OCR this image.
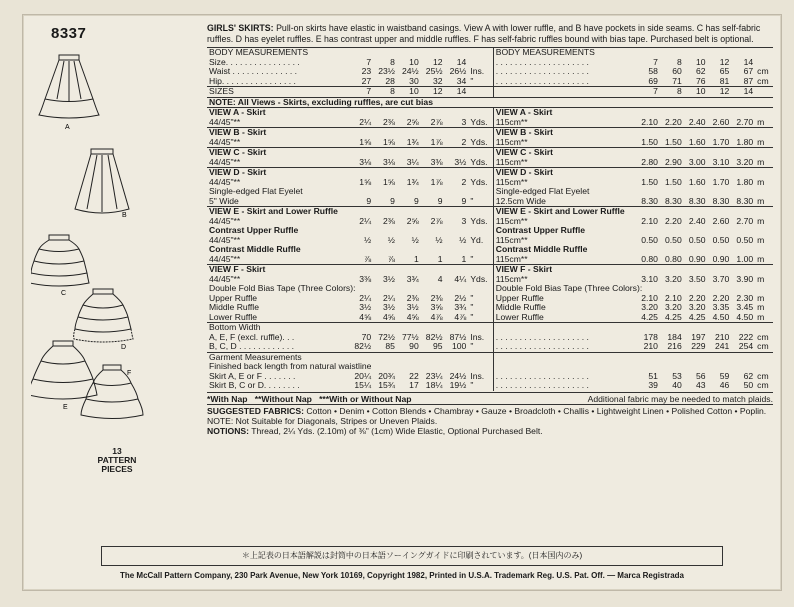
8337
A
B
C
D
E
F
13
PATTERN
PIECES

GIRLS' SKIRTS: Pull-on skirts have elastic in waistband casings. View A with lower ruffle, and B have pockets in side seams. C has self-fabric ruffles. D has eyelet ruffles. E has contrast upper and middle ruffles. F has self-fabric ruffles bound with bias tape. Purchased belt is optional.

BODY MEASUREMENTS							BODY MEASUREMENTS						
Size. . . . . . . . . . . . . . . .	7	8	10	12	14		. . . . . . . . . . . . . . . . . . . .	7	8	10	12	14	
Waist . . . . . . . . . . . . . .	23	23½	24½	25½	26½	Ins.	. . . . . . . . . . . . . . . . . . . .	58	60	62	65	67	cm
Hip. . . . . . . . . . . . . . . .	27	28	30	32	34	"	. . . . . . . . . . . . . . . . . . . .	69	71	76	81	87	cm
SIZES	7	8	10	12	14			7	8	10	12	14	
NOTE: All Views - Skirts, excluding ruffles, are cut bias													
VIEW A - Skirt							VIEW A - Skirt						
44/45"**	2¼	2⅜	2⅝	2⅞	3	Yds.	115cm**	2.10	2.20	2.40	2.60	2.70	m
VIEW B - Skirt							VIEW B - Skirt						
44/45"**	1⅝	1⅝	1¾	1⅞	2	Yds.	115cm**	1.50	1.50	1.60	1.70	1.80	m
VIEW C - Skirt							VIEW C - Skirt						
44/45"**	3⅛	3⅛	3¼	3⅜	3½	Yds.	115cm**	2.80	2.90	3.00	3.10	3.20	m
VIEW D - Skirt							VIEW D - Skirt						
44/45"**	1⅝	1⅝	1¾	1⅞	2	Yds.	115cm**	1.50	1.50	1.60	1.70	1.80	m
Single-edged Flat Eyelet							Single-edged Flat Eyelet						
5" Wide	9	9	9	9	9	"	12.5cm Wide	8.30	8.30	8.30	8.30	8.30	m
VIEW E - Skirt and Lower Ruffle							VIEW E - Skirt and Lower Ruffle						
44/45"**	2¼	2⅜	2⅝	2⅞	3	Yds.	115cm**	2.10	2.20	2.40	2.60	2.70	m
Contrast Upper Ruffle							Contrast Upper Ruffle						
44/45"**	½	½	½	½	½	Yd.	115cm**	0.50	0.50	0.50	0.50	0.50	m
Contrast Middle Ruffle							Contrast Middle Ruffle						
44/45"**	⅞	⅞	1	1	1	"	115cm**	0.80	0.80	0.90	0.90	1.00	m
VIEW F - Skirt							VIEW F - Skirt						
44/45"**	3⅜	3½	3¾	4	4¼	Yds.	115cm**	3.10	3.20	3.50	3.70	3.90	m
Double Fold Bias Tape (Three Colors):							Double Fold Bias Tape (Three Colors):						
Upper Ruffle	2¼	2¼	2⅜	2⅜	2½	"	Upper Ruffle	2.10	2.10	2.20	2.20	2.30	m
Middle Ruffle	3½	3½	3½	3⅝	3¾	"	Middle Ruffle	3.20	3.20	3.20	3.35	3.45	m
Lower Ruffle	4⅝	4⅝	4⅝	4⅞	4⅞	"	Lower Ruffle	4.25	4.25	4.25	4.50	4.50	m
Bottom Width													
A, E, F (excl. ruffle). . .	70	72½	77½	82½	87½	Ins.	. . . . . . . . . . . . . . . . . . . .	178	184	197	210	222	cm
B, C, D . . . . . . . . . . . .	82½	85	90	95	100	"	. . . . . . . . . . . . . . . . . . . .	210	216	229	241	254	cm
Garment Measurements													
Finished back length from natural waistline													
Skirt A, E or F . . . . . . .	20¼	20¾	22	23¼	24½	Ins.	. . . . . . . . . . . . . . . . . . . .	51	53	56	59	62	cm
Skirt B, C or D. . . . . . . .	15¼	15¾	17	18¼	19½	"	. . . . . . . . . . . . . . . . . . . .	39	40	43	46	50	cm
*With Nap **Without Nap ***With or Without Nap	Additional fabric may be needed to match plaids.
SUGGESTED FABRICS: Cotton • Denim • Cotton Blends • Chambray • Gauze • Broadcloth • Challis • Lightweight Linen • Polished Cotton • Poplin. NOTE: Not Suitable for Diagonals, Stripes or Uneven Plaids.
NOTIONS: Thread, 2¼ Yds. (2.10m) of ⅜" (1cm) Wide Elastic, Optional Purchased Belt.
＊上記表の日本語解説は封筒中の日本語ソーイングガイドに印刷されています。(日本国内のみ)
The McCall Pattern Company, 230 Park Avenue, New York 10169, Copyright 1982, Printed in U.S.A. Trademark Reg. U.S. Pat. Off. — Marca Registrada
